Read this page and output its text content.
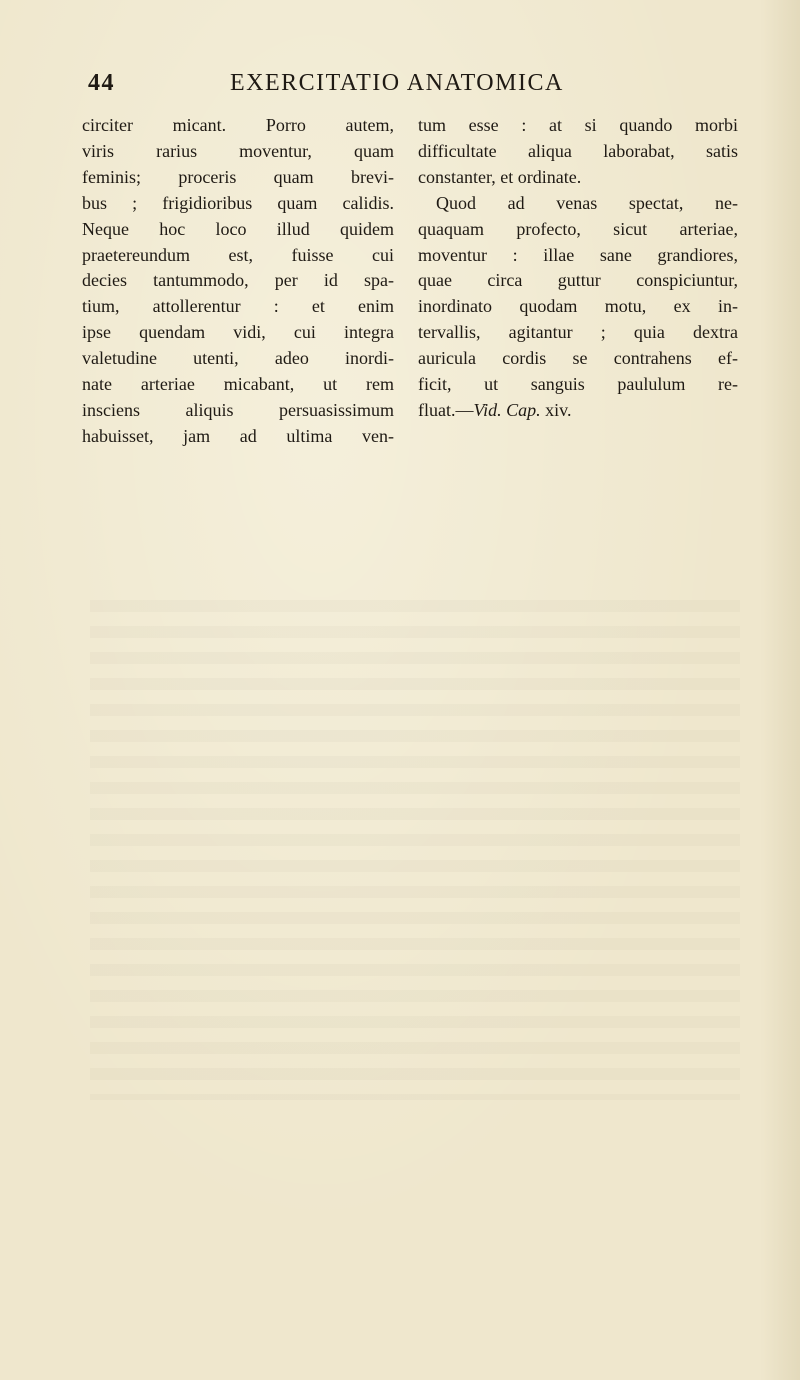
44	EXERCITATIO ANATOMICA
circiter micant. Porro autem,
viris rarius moventur, quam
feminis; proceris quam brevi-
bus ; frigidioribus quam calidis.
Neque hoc loco illud quidem
praetereundum est, fuisse cui
decies tantummodo, per id spa-
tium, attollerentur : et enim
ipse quendam vidi, cui integra
valetudine utenti, adeo inordi-
nate arteriae micabant, ut rem
insciens aliquis persuasissimum
habuisset, jam ad ultima ven-
tum esse : at si quando morbi
difficultate aliqua laborabat, satis
constanter, et ordinate.
Quod ad venas spectat, ne-
quaquam profecto, sicut arteriae,
moventur : illae sane grandiores,
quae circa guttur conspiciuntur,
inordinato quodam motu, ex in-
tervallis, agitantur ; quia dextra
auricula cordis se contrahens ef-
ficit, ut sanguis paululum re-
fluat.—Vid. Cap. xiv.
